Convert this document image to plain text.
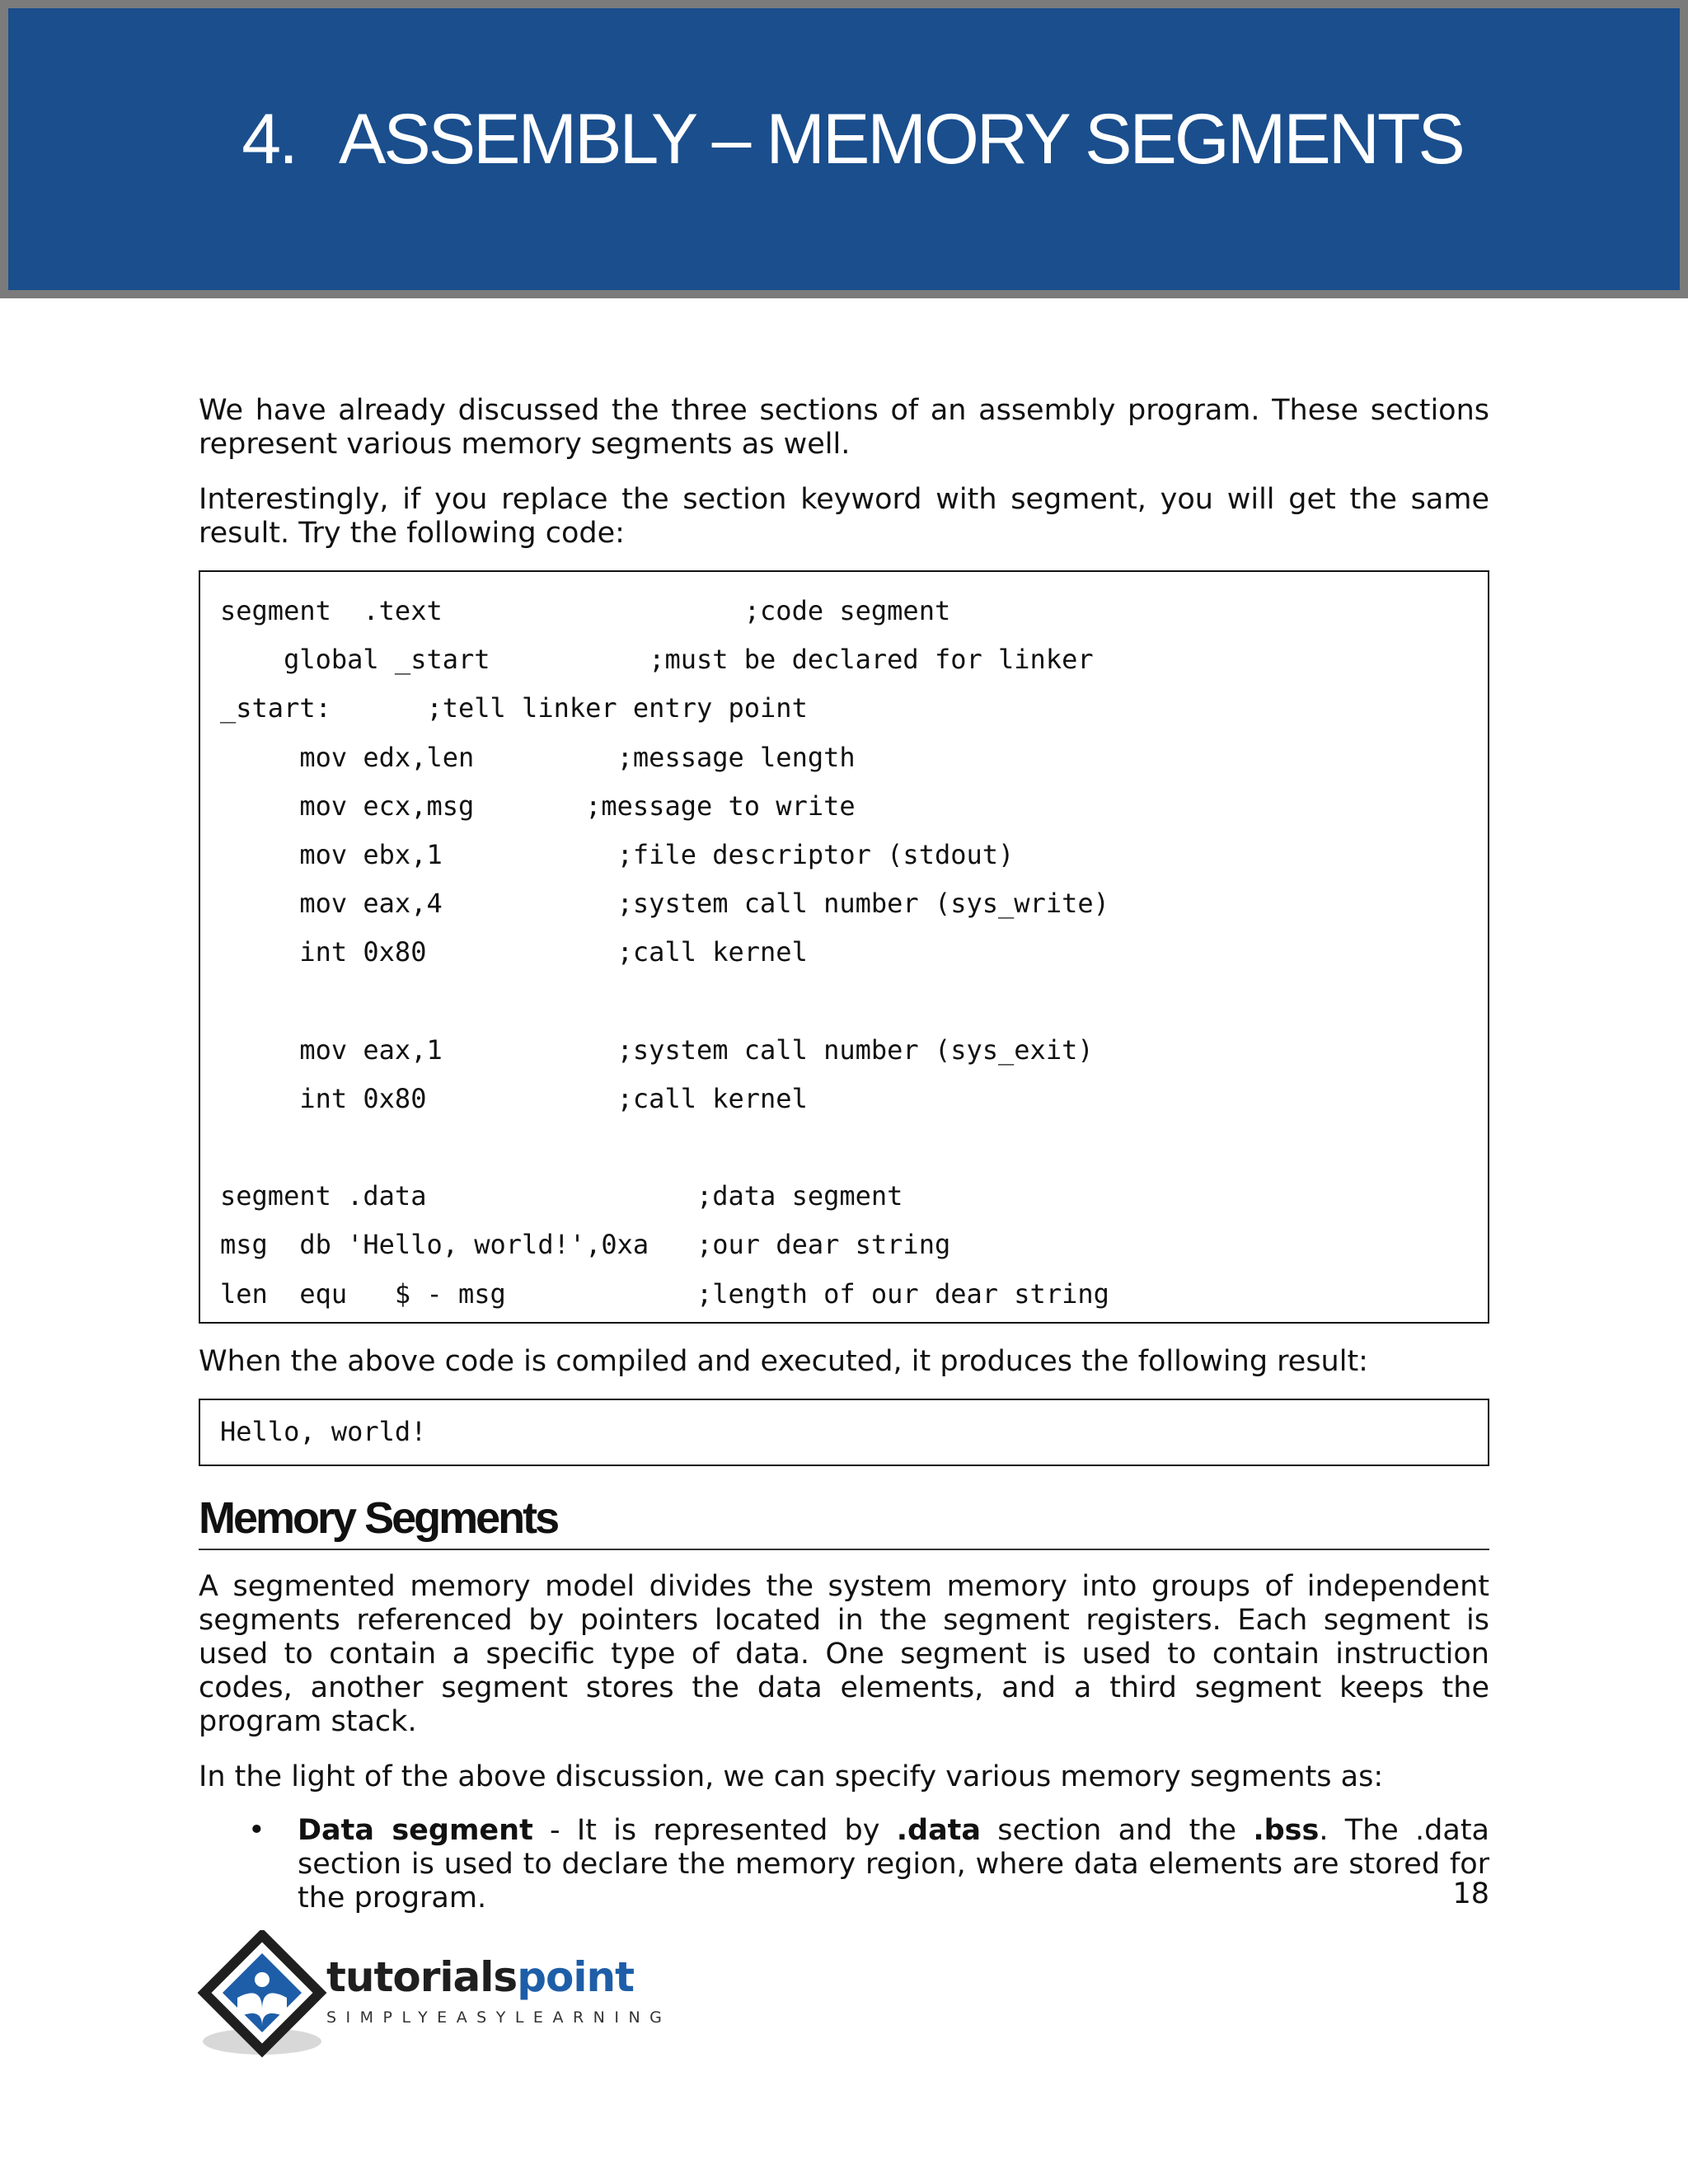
4. ASSEMBLY – MEMORY SEGMENTS

We have already discussed the three sections of an assembly program. These sections represent various memory segments as well.

Interestingly, if you replace the section keyword with segment, you will get the same result. Try the following code:

segment  .text                   ;code segment
global _start          ;must be declared for linker
_start:      ;tell linker entry point
mov edx,len         ;message length
mov ecx,msg       ;message to write
mov ebx,1           ;file descriptor (stdout)
mov eax,4           ;system call number (sys_write)
int 0x80            ;call kernel
mov eax,1           ;system call number (sys_exit)
int 0x80            ;call kernel
segment .data                 ;data segment
msg  db 'Hello, world!',0xa   ;our dear string
len  equ   $ - msg            ;length of our dear string

When the above code is compiled and executed, it produces the following result:

Hello, world!
Memory Segments

A segmented memory model divides the system memory into groups of independent segments referenced by pointers located in the segment registers. Each segment is used to contain a specific type of data. One segment is used to contain instruction codes, another segment stores the data elements, and a third segment keeps the program stack.

In the light of the above discussion, we can specify various memory segments as:

• Data segment - It is represented by .data section and the .bss. The .data section is used to declare the memory region, where data elements are stored for the program.	18
tutorialspoint
SIMPLYEASYLEARNING
